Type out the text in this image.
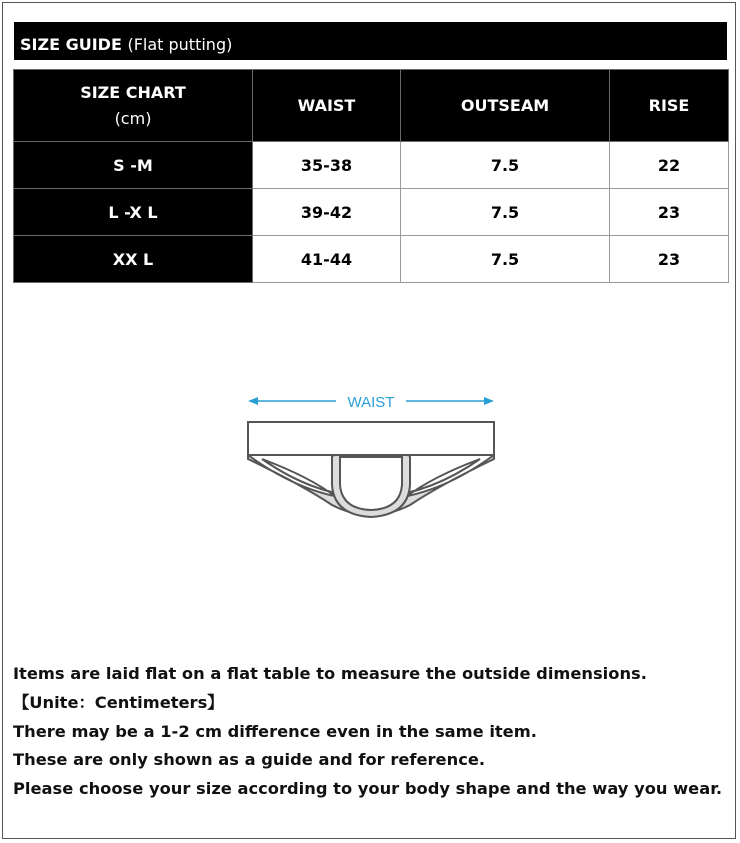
SIZE GUIDE (Flat putting)
SIZE CHART
(cm)	WAIST	OUTSEAM	RISE
S -M	35-38	7.5	22
L -X L	39-42	7.5	23
XX L	41-44	7.5	23
WAIST

Items are laid flat on a flat table to measure the outside dimensions.【Unite：Centimeters】

There may be a 1-2 cm difference even in the same item.

These are only shown as a guide and for reference.

Please choose your size according to your body shape and the way you wear.
